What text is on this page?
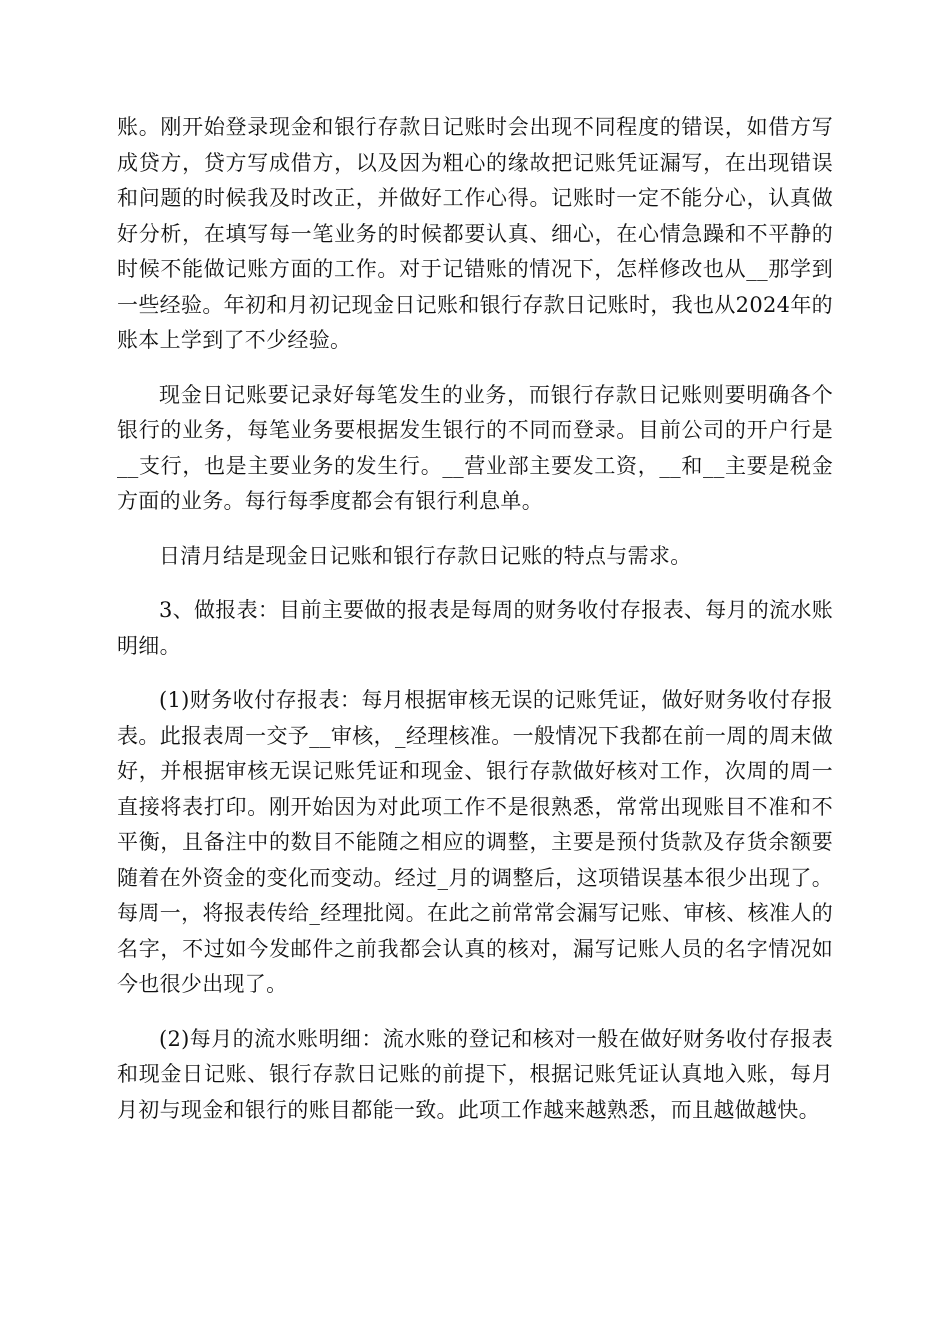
账。刚开始登录现金和银行存款日记账时会出现不同程度的错误，如借方写成贷方，贷方写成借方，以及因为粗心的缘故把记账凭证漏写，在出现错误和问题的时候我及时改正，并做好工作心得。记账时一定不能分心，认真做好分析，在填写每一笔业务的时候都要认真、细心，在心情急躁和不平静的时候不能做记账方面的工作。对于记错账的情况下，怎样修改也从__那学到一些经验。年初和月初记现金日记账和银行存款日记账时，我也从2024年的账本上学到了不少经验。

现金日记账要记录好每笔发生的业务，而银行存款日记账则要明确各个银行的业务，每笔业务要根据发生银行的不同而登录。目前公司的开户行是__支行，也是主要业务的发生行。__营业部主要发工资，__和__主要是税金方面的业务。每行每季度都会有银行利息单。

日清月结是现金日记账和银行存款日记账的特点与需求。

3、做报表：目前主要做的报表是每周的财务收付存报表、每月的流水账明细。

(1)财务收付存报表：每月根据审核无误的记账凭证，做好财务收付存报表。此报表周一交予__审核，_经理核准。一般情况下我都在前一周的周末做好，并根据审核无误记账凭证和现金、银行存款做好核对工作，次周的周一直接将表打印。刚开始因为对此项工作不是很熟悉，常常出现账目不准和不平衡，且备注中的数目不能随之相应的调整，主要是预付货款及存货余额要随着在外资金的变化而变动。经过_月的调整后，这项错误基本很少出现了。每周一，将报表传给_经理批阅。在此之前常常会漏写记账、审核、核准人的名字，不过如今发邮件之前我都会认真的核对，漏写记账人员的名字情况如今也很少出现了。

(2)每月的流水账明细：流水账的登记和核对一般在做好财务收付存报表和现金日记账、银行存款日记账的前提下，根据记账凭证认真地入账，每月月初与现金和银行的账目都能一致。此项工作越来越熟悉，而且越做越快。
